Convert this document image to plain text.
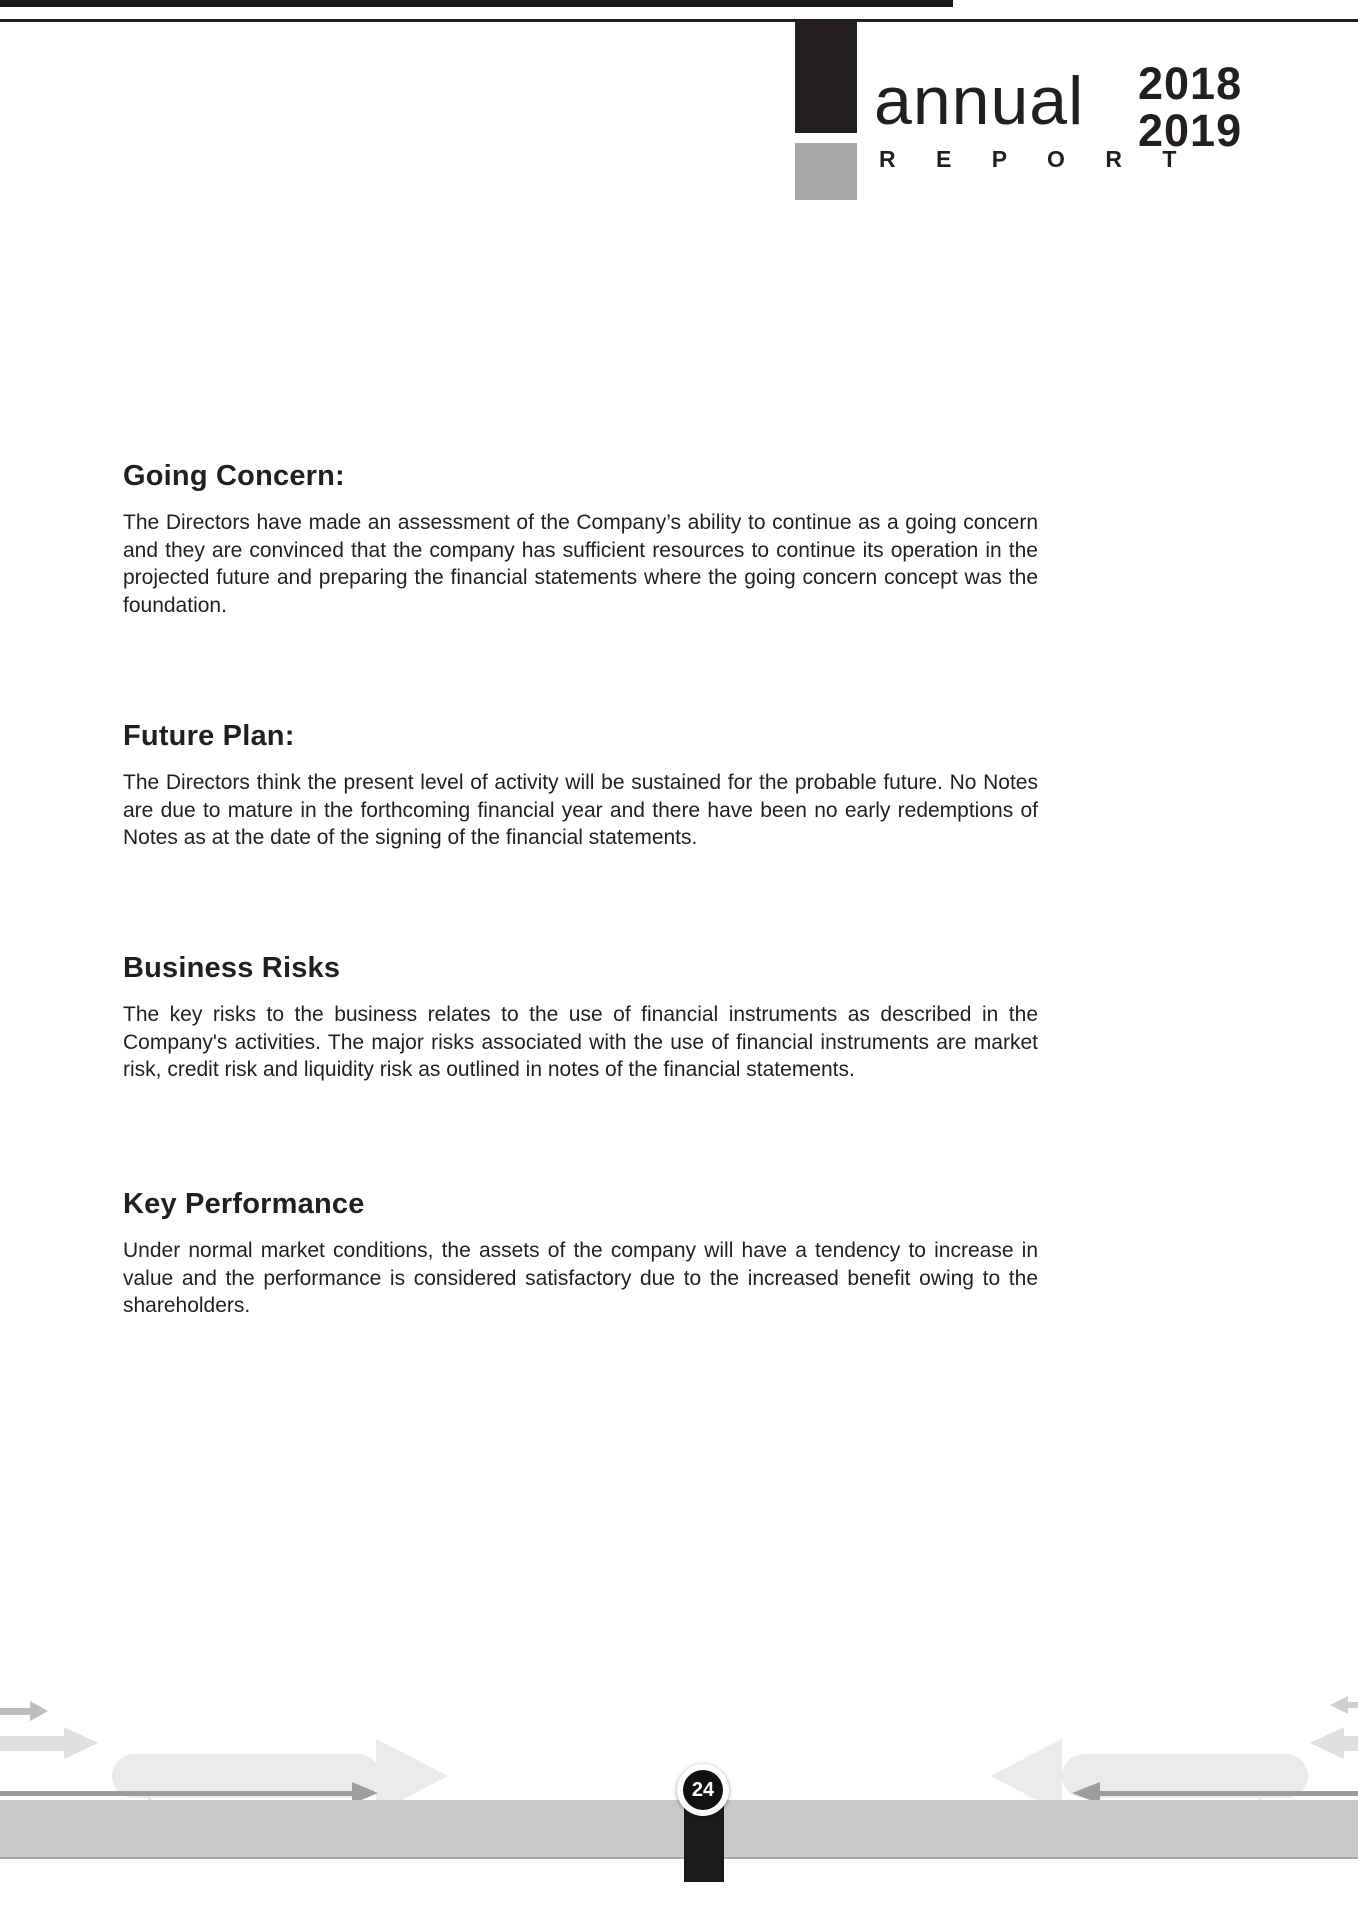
annual
R E P O R T
2018
2019
Going Concern:

The Directors have made an assessment of the Company’s ability to continue as a going concern and they are convinced that the company has sufficient resources to continue its operation in the projected future and preparing the financial statements where the going concern concept was the foundation.

Future Plan:

The Directors think the present level of activity will be sustained for the probable future. No Notes are due to mature in the forthcoming financial year and there have been no early redemptions of Notes as at the date of the signing of the financial statements.

Business Risks

The key risks to the business relates to the use of financial instruments as described in the Company's activities. The major risks associated with the use of financial instruments are market risk, credit risk and liquidity risk as outlined in notes of the financial statements.

Key Performance

Under normal market conditions, the assets of the company will have a tendency to increase in value and the performance is considered satisfactory due to the increased benefit owing to the shareholders.

24
